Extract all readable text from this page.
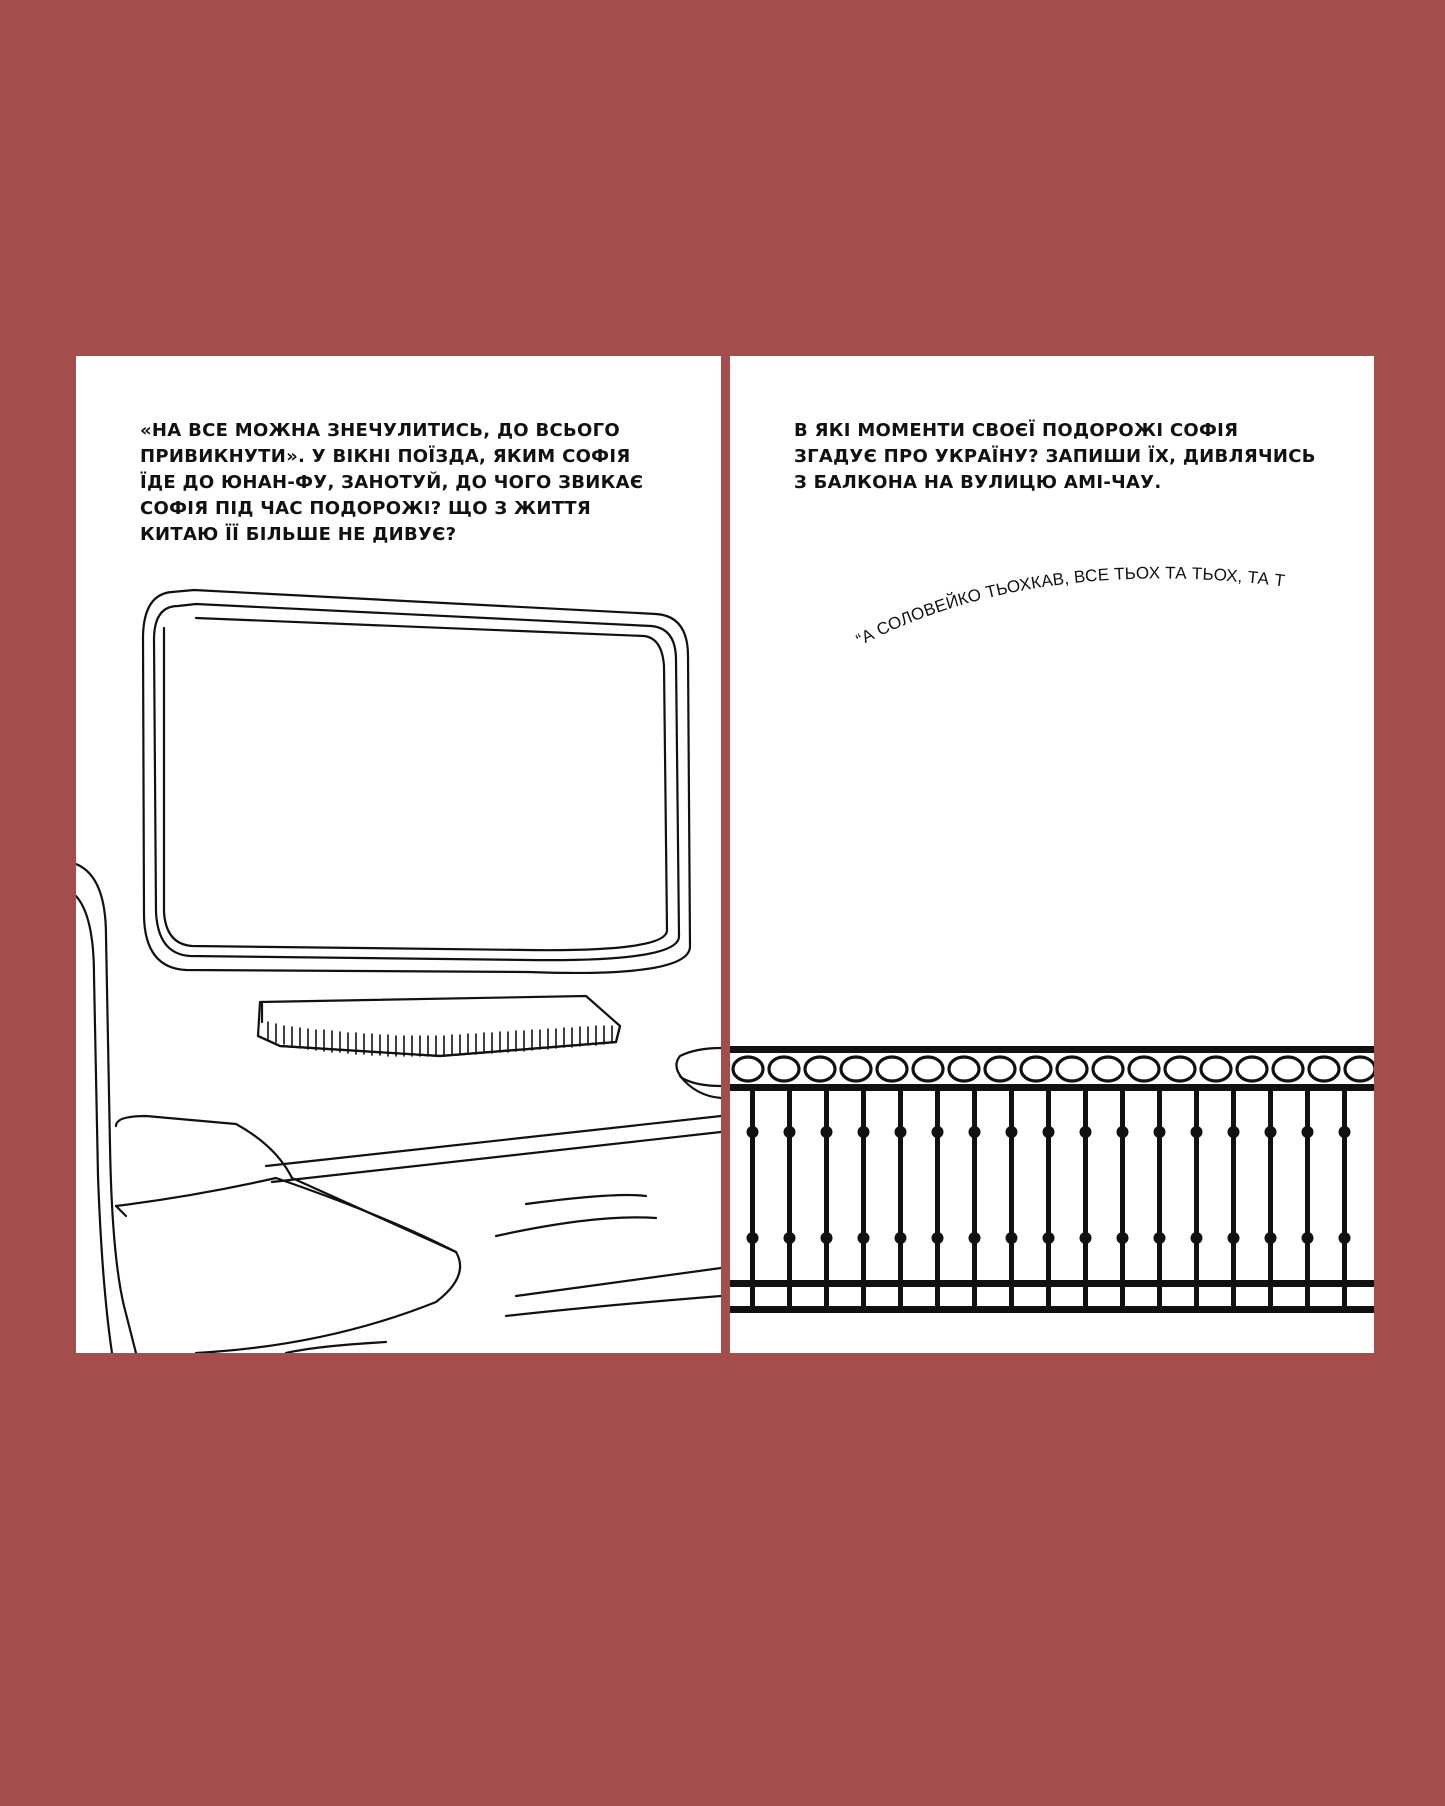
«НА ВСЕ МОЖНА ЗНЕЧУЛИТИСЬ, ДО ВСЬОГО ПРИВИКНУТИ». У ВІКНІ ПОЇЗДА, ЯКИМ СОФІЯ ЇДЕ ДО ЮНАН-ФУ, ЗАНОТУЙ, ДО ЧОГО ЗВИКАЄ СОФІЯ ПІД ЧАС ПОДОРОЖІ? ЩО З ЖИТТЯ КИТАЮ ЇЇ БІЛЬШЕ НЕ ДИВУЄ?

“А СОЛОВЕЙКО ТЬОХКАВ, ВСЕ ТЬОХ ТА ТЬОХ, ТА ТЬОХ!”

В ЯКІ МОМЕНТИ СВОЄЇ ПОДОРОЖІ СОФІЯ ЗГАДУЄ ПРО УКРАЇНУ? ЗАПИШИ ЇХ, ДИВЛЯЧИСЬ З БАЛКОНА НА ВУЛИЦЮ АМІ-ЧАУ.
